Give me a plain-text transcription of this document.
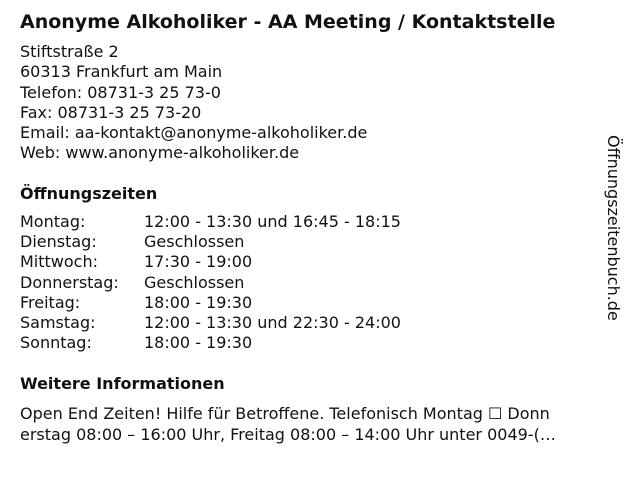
Anonyme Alkoholiker - AA Meeting / Kontaktstelle
Stiftstraße 2
60313 Frankfurt am Main
Telefon: 08731-3 25 73-0
Fax: 08731-3 25 73-20
Email: aa-kontakt@anonyme-alkoholiker.de
Web: www.anonyme-alkoholiker.de
Öffnungszeiten
Montag:	12:00 - 13:30 und 16:45 - 18:15
Dienstag:	Geschlossen
Mittwoch:	17:30 - 19:00
Donnerstag: Geschlossen
Freitag:	18:00 - 19:30
Samstag:	12:00 - 13:30 und 22:30 - 24:00
Sonntag:	18:00 - 19:30
Weitere Informationen
Open End Zeiten! Hilfe für Betroffene. Telefonisch Montag ☐ Donn
erstag 08:00 – 16:00 Uhr, Freitag 08:00 – 14:00 Uhr unter 0049-(…
Öffnungszeitenbuch.de
